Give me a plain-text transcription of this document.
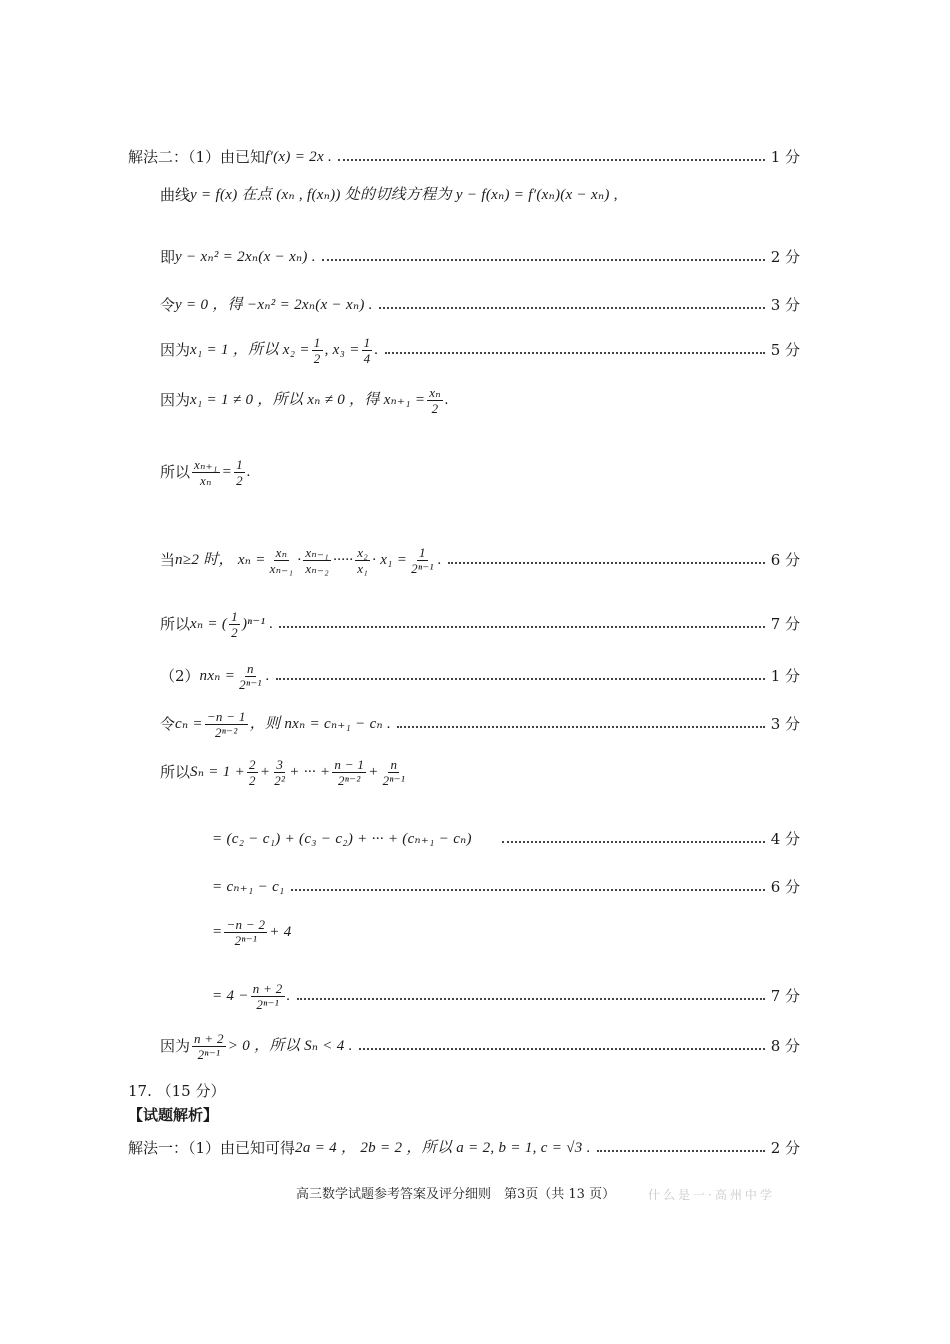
解法二：（1）由已知 f′(x) = 2x .	1 分
曲线 y = f(x) 在点 (xₙ , f(xₙ)) 处的切线方程为 y − f(xₙ) = f′(xₙ)(x − xₙ) ,
即 y − xₙ² = 2xₙ(x − xₙ) .	2 分
令 y = 0 ，得 −xₙ² = 2xₙ(x − xₙ) .	3 分
因为 x₁ = 1 ，所以 $x_2 = \frac{1}{2}$ , $x_3 = \frac{1}{4}$ .	5 分
因为 x₁ = 1 ≠ 0 ，所以 xₙ ≠ 0 ，得 $x_{n+1} = \frac{\text{xₙ}}{2}$ .
所以 $\frac{\text{xₙ₊₁}}{\text{xₙ}} = \frac{1}{2}$ .
当 n≥2 时， $x_n = \frac{\text{xₙ}}{\text{xₙ₋₁}} \cdot \frac{\text{xₙ₋₁}}{\text{xₙ₋₂}}$ ····· $\frac{\text{x₂}}{\text{x₁}} \cdot x_1 = \frac{1}{\text{2ⁿ⁻¹}}$ .	6 分
所以 xₙ = ( $\frac{1}{2} )^{n-1}$ .	7 分
（2） $nx_n = \frac{n}{\text{2ⁿ⁻¹}}$ .	1 分
令 $c_n = \frac{-n - 1}{\text{2ⁿ⁻²}}$ ，则 nxₙ = cₙ₊₁ − cₙ .	3 分
所以 $S_n = 1 + \frac{2}{2} + \frac{3}{\text{2²}}$ + ··· + $\frac{n - 1}{\text{2ⁿ⁻²}} + \frac{n}{\text{2ⁿ⁻¹}}$
= (c₂ − c₁) + (c₃ − c₂) + ··· + (cₙ₊₁ − cₙ)	4 分
= cₙ₊₁ − c₁	6 分
= $\frac{-n - 2}{\text{2ⁿ⁻¹}} + 4$
= $4 - \frac{n + 2}{\text{2ⁿ⁻¹}}$ .	7 分
因为 $\frac{n + 2}{\text{2ⁿ⁻¹}} > 0$ ，所以 Sₙ < 4 .	8 分
17. （15 分）
【试题解析】
解法一：（1）由已知可得 2a = 4 ， 2b = 2 ，所以 a = 2, b = 1, c = √3 .	2 分
高三数学试题参考答案及评分细则　第3页（共 13 页）	什么是一·高州中学
